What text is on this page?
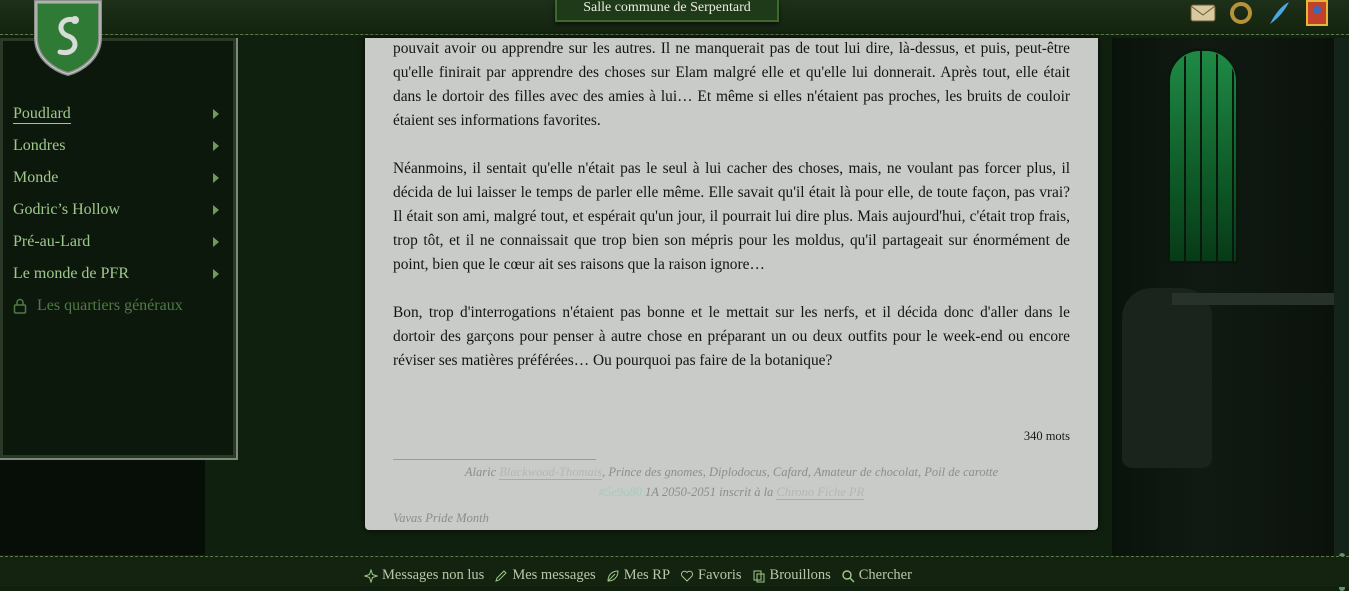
Salle commune de Serpentard
Poudlard
Londres
Monde
Godric’s Hollow
Pré-au-Lard
Le monde de PFR
Les quartiers généraux

pouvait avoir ou apprendre sur les autres. Il ne manquerait pas de tout lui dire, là-dessus, et puis, peut-être qu'elle finirait par apprendre des choses sur Elam malgré elle et qu'elle lui donnerait. Après tout, elle était dans le dortoir des filles avec des amies à lui… Et même si elles n'étaient pas proches, les bruits de couloir étaient ses informations favorites.

Néanmoins, il sentait qu'elle n'était pas le seul à lui cacher des choses, mais, ne voulant pas forcer plus, il décida de lui laisser le temps de parler elle même. Elle savait qu'il était là pour elle, de toute façon, pas vrai? Il était son ami, malgré tout, et espérait qu'un jour, il pourrait lui dire plus. Mais aujourd'hui, c'était trop frais, trop tôt, et il ne connaissait que trop bien son mépris pour les moldus, qu'il partageait sur énormément de point, bien que le cœur ait ses raisons que la raison ignore…

Bon, trop d'interrogations n'étaient pas bonne et le mettait sur les nerfs, et il décida donc d'aller dans le dortoir des garçons pour penser à autre chose en préparant un ou deux outfits pour le week-end ou encore réviser ses matières préférées… Ou pourquoi pas faire de la botanique?

340 mots
Alaric Blackwood-Thomais, Prince des gnomes, Diplodocus, Cafard, Amateur de chocolat, Poil de carotte
#5e9a80 1A 2050-2051 inscrit à la Chrono Fiche PR
Vavas Pride Month
Messages non lus Mes messages Mes RP Favoris Brouillons Chercher
